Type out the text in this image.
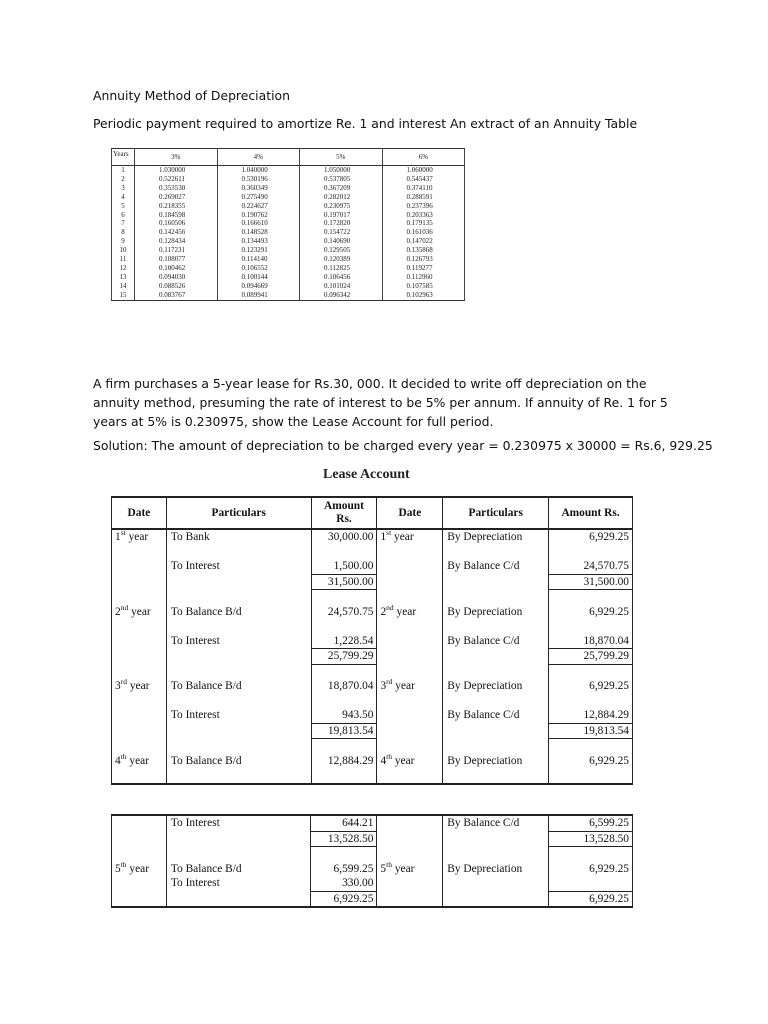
Annuity Method of Depreciation

Periodic payment required to amortize Re. 1 and interest An extract of an Annuity Table

Years	3%	4%	5%	6%
1	1.030000	1.040000	1.050000	1.060000
2	0.522611	0.530196	0.537805	0.545437
3	0.353530	0.360349	0.367209	0.374110
4	0.269027	0.275490	0.282012	0.288591
5	0.218355	0.224627	0.230975	0.237396
6	0.184598	0.190762	0.197017	0.203363
7	0.160506	0.166610	0.172820	0.179135
8	0.142456	0.148528	0.154722	0.161036
9	0.128434	0.134493	0.140690	0.147022
10	0.117231	0.123291	0.129505	0.135868
11	0.108077	0.114140	0.120389	0.126793
12	0.100462	0.106552	0.112825	0.119277
13	0.094030	0.100144	0.106456	0.112960
14	0.088526	0.094669	0.101024	0.107585
15	0.083767	0.089941	0.096342	0.102963

A firm purchases a 5-year lease for Rs.30, 000. It decided to write off depreciation on the annuity method, presuming the rate of interest to be 5% per annum. If annuity of Re. 1 for 5 years at 5% is 0.230975, show the Lease Account for full period.

Solution: The amount of depreciation to be charged every year = 0.230975 x 30000 = Rs.6, 929.25

Lease Account

Date	Particulars	Amount
Rs.	Date	Particulars	Amount Rs.
1st year	To Bank	30,000.00	1st year	By Depreciation	6,929.25

	To Interest	1,500.00		By Balance C/d	24,570.75
		31,500.00			31,500.00

2nd year	To Balance B/d	24,570.75	2nd year	By Depreciation	6,929.25

	To Interest	1,228.54		By Balance C/d	18,870.04
		25,799.29			25,799.29

3rd year	To Balance B/d	18,870.04	3rd year	By Depreciation	6,929.25

	To Interest	943.50		By Balance C/d	12,884.29
		19,813.54			19,813.54

4th year	To Balance B/d	12,884.29	4th year	By Depreciation	6,929.25

	To Interest	644.21		By Balance C/d	6,599.25
		13,528.50			13,528.50

5th year	To Balance B/d	6,599.25	5th year	By Depreciation	6,929.25
	To Interest	330.00			
		6,929.25			6,929.25
